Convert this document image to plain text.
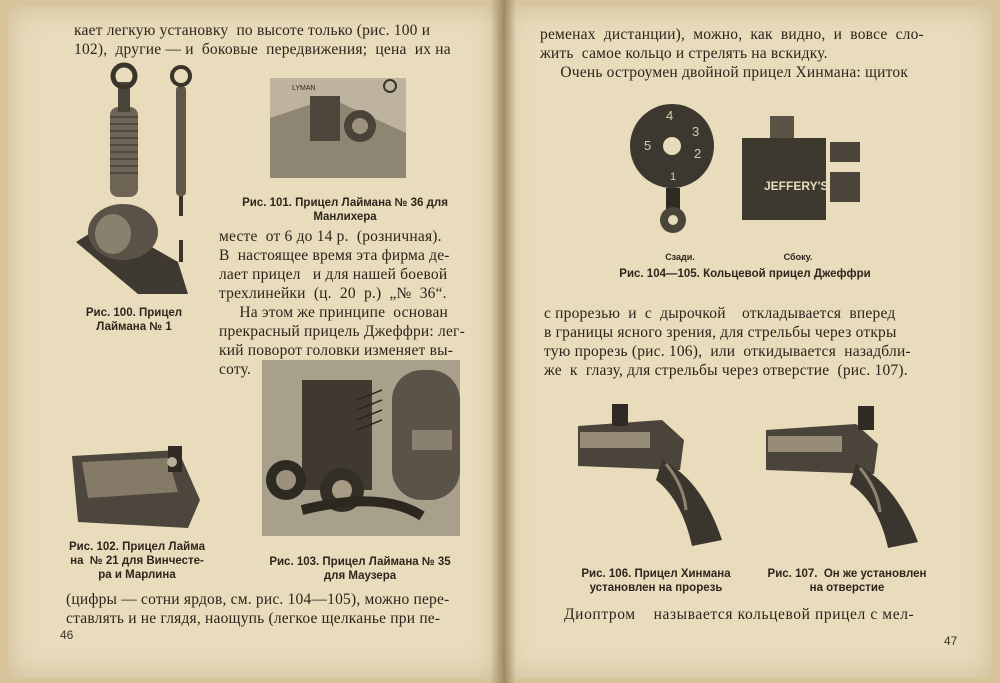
кает легкую установку  по высоте только (рис. 100 и
102),  другие — и  боковые  передвижения;  цена  их на
Рис. 100. Прицел
Лаймана № 1
LYMAN
Рис. 101. Прицел Лаймана № 36 для
Манлихера
месте  от 6 до 14 р.  (розничная).
В  настоящее время эта фирма де-
лает прицел   и для нашей боевой
трехлинейки  (ц.  20  р.)  „№  36“.
На этом же принципе  основан
прекрасный прицель Джеффри: лег-
кий поворот головки изменяет вы-
соту.
Рис. 102. Прицел Лайма
на  № 21 для Винчесте-
ра и Марлина
Рис. 103. Прицел Лаймана № 35
для Маузера
(цифры — сотни ярдов, см. рис. 104—105), можно пере-
ставлять и не глядя, наощупь (легкое щелканье при пе-
46
ременах  дистанции),  можно,  как  видно,  и  вовсе  сло-
жить  самое кольцо и стрелять на вскидку.
Очень остроумен двойной прицел Хинмана: щиток
5
4
3
2
1
JEFFERY'S
Сзади.	Сбоку.
Рис. 104—105. Кольцевой прицел Джеффри
с прорезью  и  с  дырочкой    откладывается  вперед
в границы ясного зрения, для стрельбы через откры
тую прорезь (рис. 106),  или  откидывается  назадбли-
же  к  глазу, для стрельбы через отверстие  (рис. 107).
Рис. 106. Прицел Хинмана
установлен на прорезь
Рис. 107.  Он же установлен
на отверстие
Диоптром    называется кольцевой прицел с мел-
47
